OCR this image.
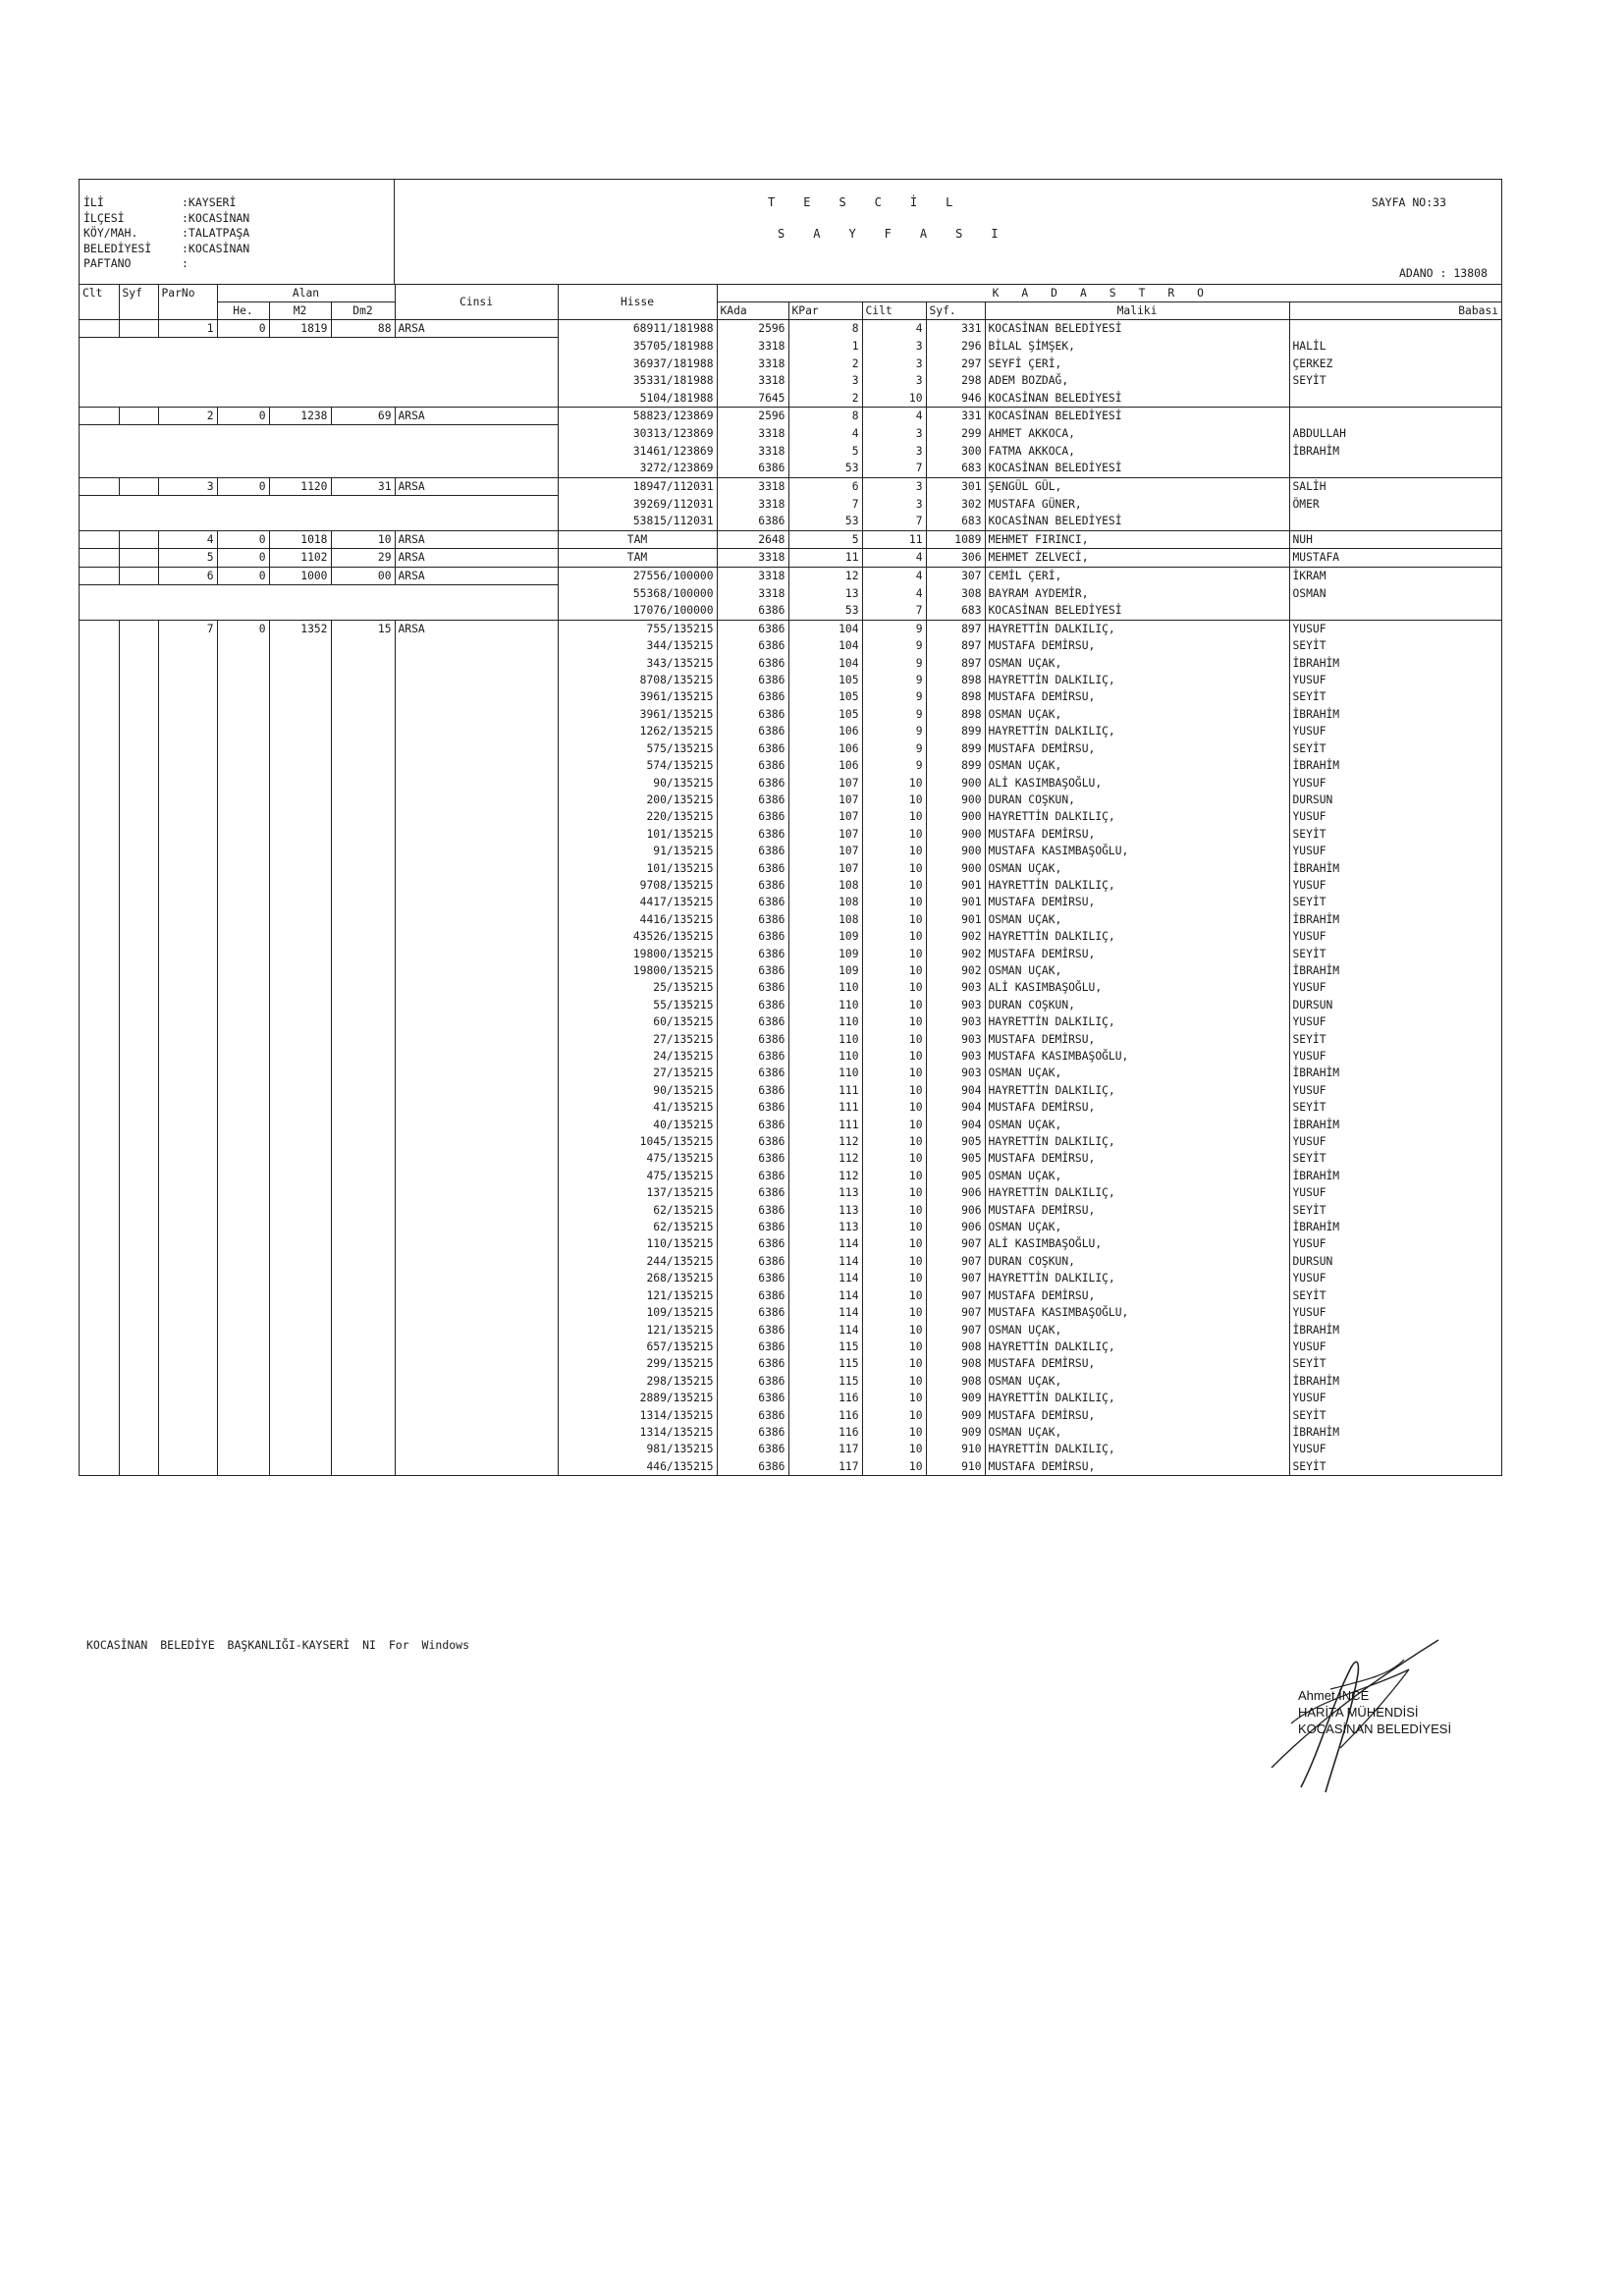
İLİ	:KAYSERİ
İLÇESİ	:KOCASİNAN
KÖY/MAH.	:TALATPAŞA
BELEDİYESİ	:KOCASİNAN
PAFTANO	:
TESCİL
SAYFASI
SAYFA NO:33
ADANO : 13808
Clt	Syf	ParNo	Alan			Cinsi	Hisse	KADASTRO					
			He.	M2	Dm2			KAda	KPar	Cilt	Syf.	Maliki	Babası
		1	0	1819	88	ARSA	68911/181988	2596	8	4	331	KOCASİNAN BELEDİYESİ	
							35705/181988	3318	1	3	296	BİLAL ŞİMŞEK,	HALİL
							36937/181988	3318	2	3	297	SEYFİ ÇERİ,	ÇERKEZ
							35331/181988	3318	3	3	298	ADEM BOZDAĞ,	SEYİT
							5104/181988	7645	2	10	946	KOCASİNAN BELEDİYESİ	
		2	0	1238	69	ARSA	58823/123869	2596	8	4	331	KOCASİNAN BELEDİYESİ	
							30313/123869	3318	4	3	299	AHMET AKKOCA,	ABDULLAH
							31461/123869	3318	5	3	300	FATMA AKKOCA,	İBRAHİM
							3272/123869	6386	53	7	683	KOCASİNAN BELEDİYESİ	
		3	0	1120	31	ARSA	18947/112031	3318	6	3	301	ŞENGÜL GÜL,	SALİH
							39269/112031	3318	7	3	302	MUSTAFA GÜNER,	ÖMER
							53815/112031	6386	53	7	683	KOCASİNAN BELEDİYESİ	
		4	0	1018	10	ARSA	TAM	2648	5	11	1089	MEHMET FIRINCI,	NUH
		5	0	1102	29	ARSA	TAM	3318	11	4	306	MEHMET ZELVECİ,	MUSTAFA
		6	0	1000	00	ARSA	27556/100000	3318	12	4	307	CEMİL ÇERİ,	İKRAM
							55368/100000	3318	13	4	308	BAYRAM AYDEMİR,	OSMAN
							17076/100000	6386	53	7	683	KOCASİNAN BELEDİYESİ	
		7	0	1352	15	ARSA	755/135215	6386	104	9	897	HAYRETTİN DALKILIÇ,	YUSUF
							344/135215	6386	104	9	897	MUSTAFA DEMİRSU,	SEYİT
							343/135215	6386	104	9	897	OSMAN UÇAK,	İBRAHİM
							8708/135215	6386	105	9	898	HAYRETTİN DALKILIÇ,	YUSUF
							3961/135215	6386	105	9	898	MUSTAFA DEMİRSU,	SEYİT
							3961/135215	6386	105	9	898	OSMAN UÇAK,	İBRAHİM
							1262/135215	6386	106	9	899	HAYRETTİN DALKILIÇ,	YUSUF
							575/135215	6386	106	9	899	MUSTAFA DEMİRSU,	SEYİT
							574/135215	6386	106	9	899	OSMAN UÇAK,	İBRAHİM
							90/135215	6386	107	10	900	ALİ KASIMBAŞOĞLU,	YUSUF
							200/135215	6386	107	10	900	DURAN COŞKUN,	DURSUN
							220/135215	6386	107	10	900	HAYRETTİN DALKILIÇ,	YUSUF
							101/135215	6386	107	10	900	MUSTAFA DEMİRSU,	SEYİT
							91/135215	6386	107	10	900	MUSTAFA KASIMBAŞOĞLU,	YUSUF
							101/135215	6386	107	10	900	OSMAN UÇAK,	İBRAHİM
							9708/135215	6386	108	10	901	HAYRETTİN DALKILIÇ,	YUSUF
							4417/135215	6386	108	10	901	MUSTAFA DEMİRSU,	SEYİT
							4416/135215	6386	108	10	901	OSMAN UÇAK,	İBRAHİM
							43526/135215	6386	109	10	902	HAYRETTİN DALKILIÇ,	YUSUF
							19800/135215	6386	109	10	902	MUSTAFA DEMİRSU,	SEYİT
							19800/135215	6386	109	10	902	OSMAN UÇAK,	İBRAHİM
							25/135215	6386	110	10	903	ALİ KASIMBAŞOĞLU,	YUSUF
							55/135215	6386	110	10	903	DURAN COŞKUN,	DURSUN
							60/135215	6386	110	10	903	HAYRETTİN DALKILIÇ,	YUSUF
							27/135215	6386	110	10	903	MUSTAFA DEMİRSU,	SEYİT
							24/135215	6386	110	10	903	MUSTAFA KASIMBAŞOĞLU,	YUSUF
							27/135215	6386	110	10	903	OSMAN UÇAK,	İBRAHİM
							90/135215	6386	111	10	904	HAYRETTİN DALKILIÇ,	YUSUF
							41/135215	6386	111	10	904	MUSTAFA DEMİRSU,	SEYİT
							40/135215	6386	111	10	904	OSMAN UÇAK,	İBRAHİM
							1045/135215	6386	112	10	905	HAYRETTİN DALKILIÇ,	YUSUF
							475/135215	6386	112	10	905	MUSTAFA DEMİRSU,	SEYİT
							475/135215	6386	112	10	905	OSMAN UÇAK,	İBRAHİM
							137/135215	6386	113	10	906	HAYRETTİN DALKILIÇ,	YUSUF
							62/135215	6386	113	10	906	MUSTAFA DEMİRSU,	SEYİT
							62/135215	6386	113	10	906	OSMAN UÇAK,	İBRAHİM
							110/135215	6386	114	10	907	ALİ KASIMBAŞOĞLU,	YUSUF
							244/135215	6386	114	10	907	DURAN COŞKUN,	DURSUN
							268/135215	6386	114	10	907	HAYRETTİN DALKILIÇ,	YUSUF
							121/135215	6386	114	10	907	MUSTAFA DEMİRSU,	SEYİT
							109/135215	6386	114	10	907	MUSTAFA KASIMBAŞOĞLU,	YUSUF
							121/135215	6386	114	10	907	OSMAN UÇAK,	İBRAHİM
							657/135215	6386	115	10	908	HAYRETTİN DALKILIÇ,	YUSUF
							299/135215	6386	115	10	908	MUSTAFA DEMİRSU,	SEYİT
							298/135215	6386	115	10	908	OSMAN UÇAK,	İBRAHİM
							2889/135215	6386	116	10	909	HAYRETTİN DALKILIÇ,	YUSUF
							1314/135215	6386	116	10	909	MUSTAFA DEMİRSU,	SEYİT
							1314/135215	6386	116	10	909	OSMAN UÇAK,	İBRAHİM
							981/135215	6386	117	10	910	HAYRETTİN DALKILIÇ,	YUSUF
							446/135215	6386	117	10	910	MUSTAFA DEMİRSU,	SEYİT
KOCASİNAN BELEDİYE BAŞKANLIĞI-KAYSERİ NI For Windows
Ahmet İNCE
HARİTA MÜHENDİSİ
KOCASİNAN BELEDİYESİ
